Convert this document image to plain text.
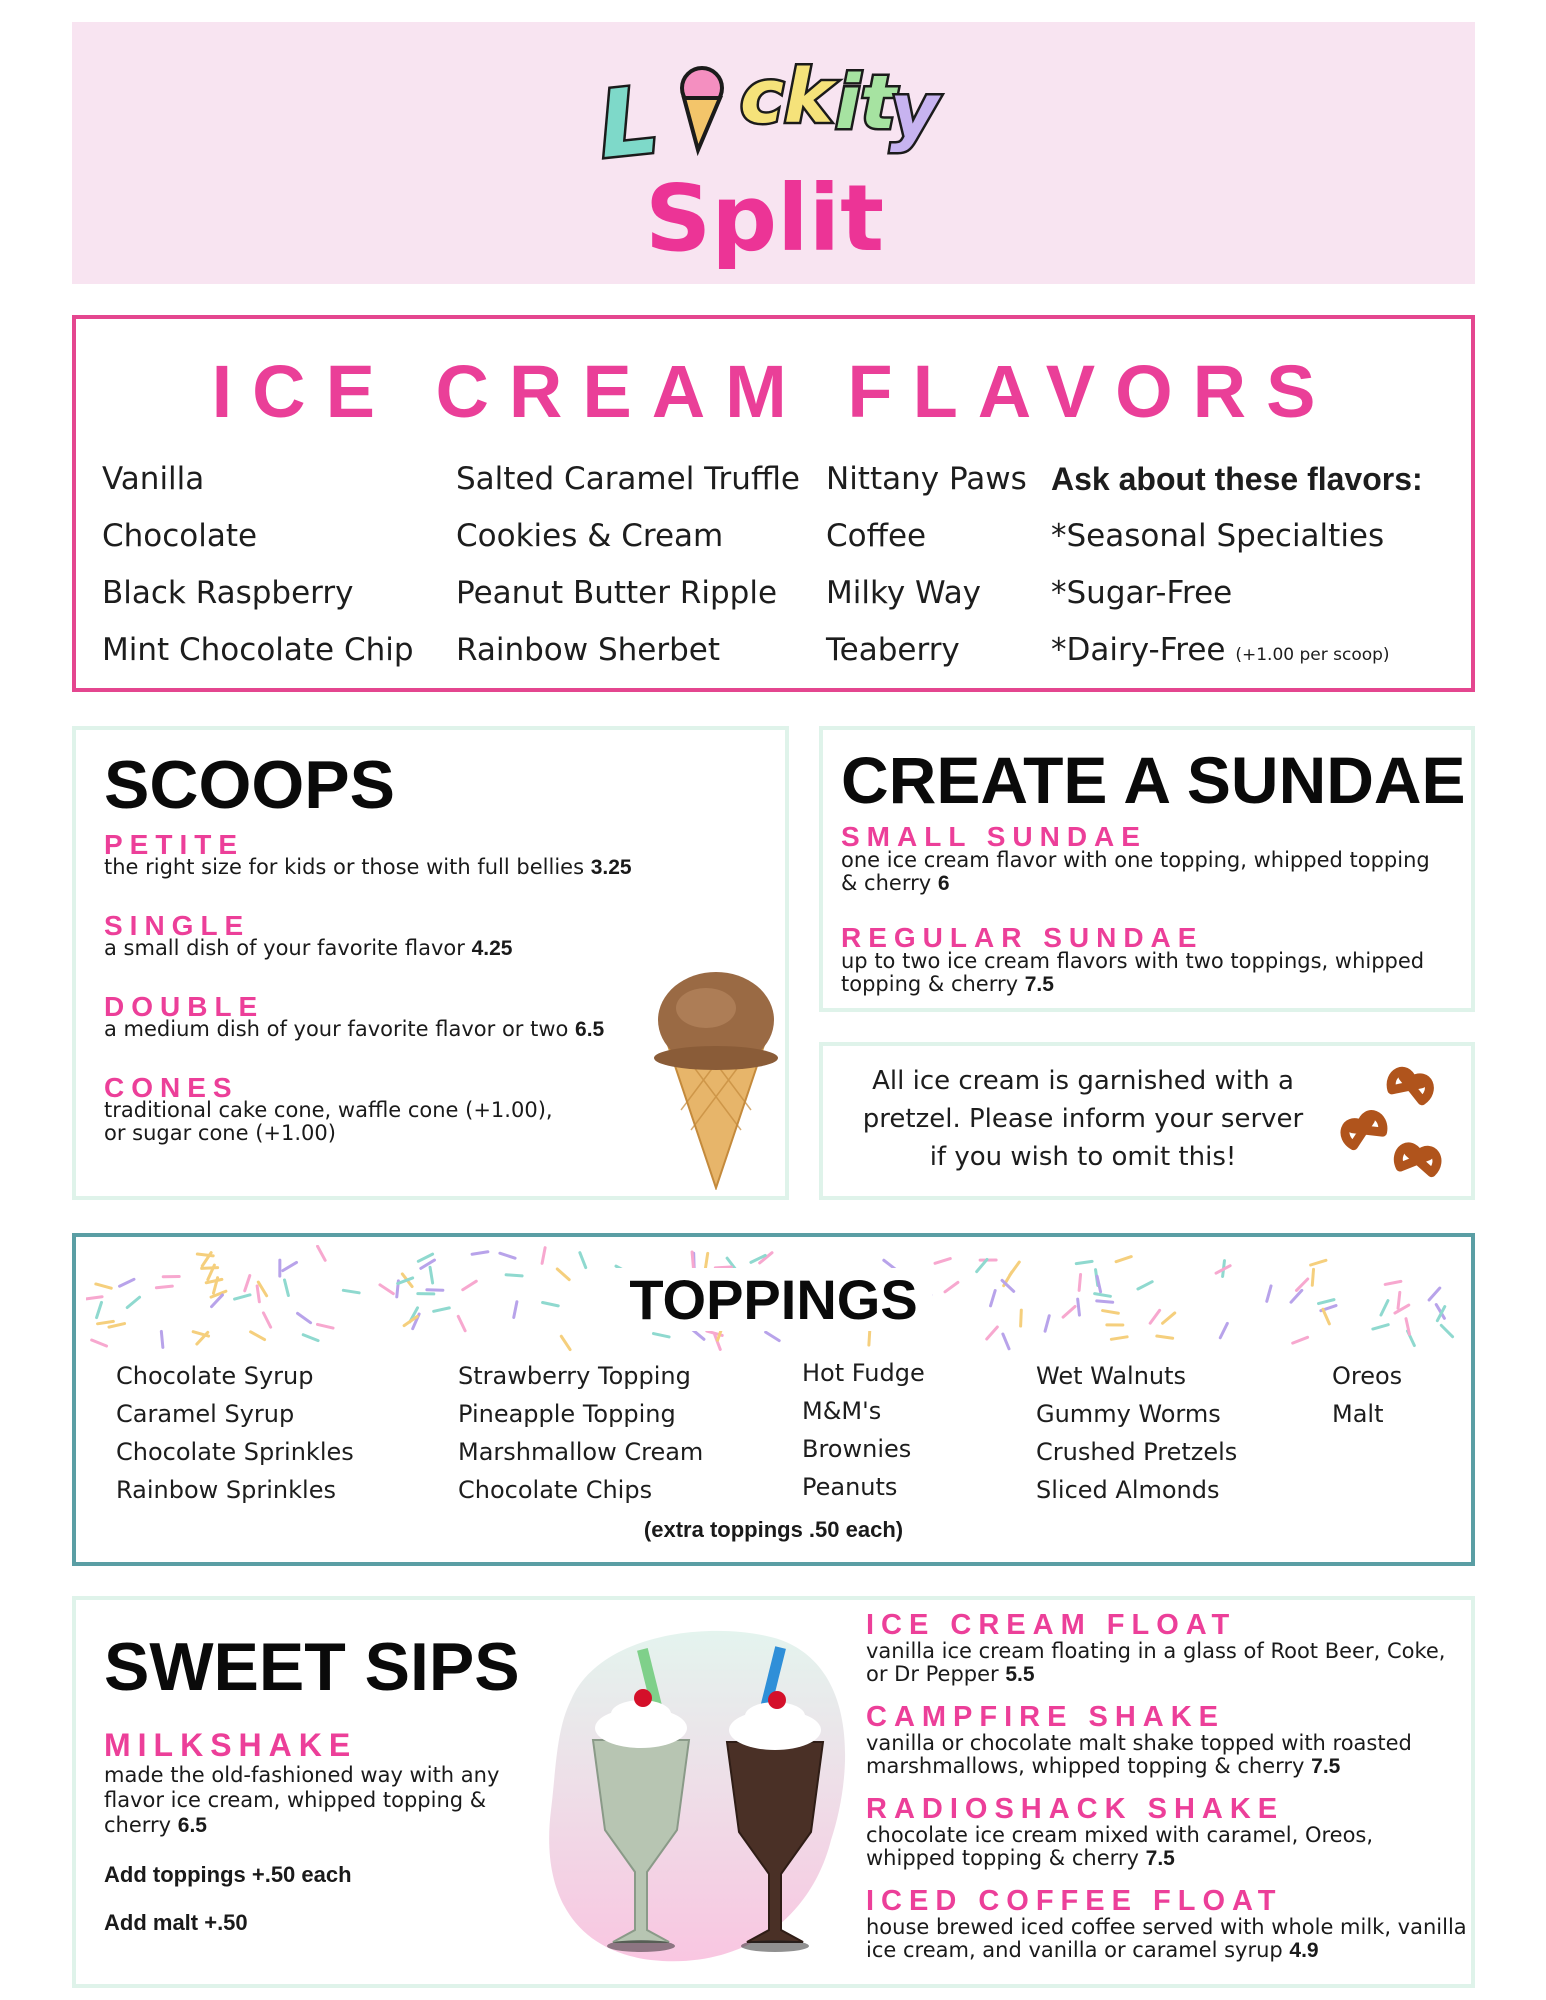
L ck it
y
Split
ICE CREAM FLAVORS
Vanilla
Chocolate
Black Raspberry
Mint Chocolate Chip
Salted Caramel Truffle
Cookies & Cream
Peanut Butter Ripple
Rainbow Sherbet
Nittany Paws
Coffee
Milky Way
Teaberry
Ask about these flavors:
*Seasonal Specialties
*Sugar-Free
*Dairy-Free (+1.00 per scoop)
SCOOPS
PETITE
the right size for kids or those with full bellies 3.25
SINGLE
a small dish of your favorite flavor 4.25
DOUBLE
a medium dish of your favorite flavor or two 6.5
CONES
traditional cake cone, waffle cone (+1.00),
or sugar cone (+1.00)
CREATE A SUNDAE
SMALL SUNDAE
one ice cream flavor with one topping, whipped topping
& cherry 6
REGULAR SUNDAE
up to two ice cream flavors with two toppings, whipped
topping & cherry 7.5
All ice cream is garnished with a
pretzel. Please inform your server
if you wish to omit this!
TOPPINGS
Chocolate Syrup
Caramel Syrup
Chocolate Sprinkles
Rainbow Sprinkles
Strawberry Topping
Pineapple Topping
Marshmallow Cream
Chocolate Chips
Hot Fudge
M&M's
Brownies
Peanuts
Wet Walnuts
Gummy Worms
Crushed Pretzels
Sliced Almonds
Oreos
Malt
(extra toppings .50 each)
SWEET SIPS
MILKSHAKE
made the old-fashioned way with any
flavor ice cream, whipped topping &
cherry 6.5
Add toppings +.50 each
Add malt +.50
ICE CREAM FLOAT
vanilla ice cream floating in a glass of Root Beer, Coke,
or Dr Pepper 5.5
CAMPFIRE SHAKE
vanilla or chocolate malt shake topped with roasted
marshmallows, whipped topping & cherry 7.5
RADIOSHACK SHAKE
chocolate ice cream mixed with caramel, Oreos,
whipped topping & cherry 7.5
ICED COFFEE FLOAT
house brewed iced coffee served with whole milk, vanilla
ice cream, and vanilla or caramel syrup 4.9
